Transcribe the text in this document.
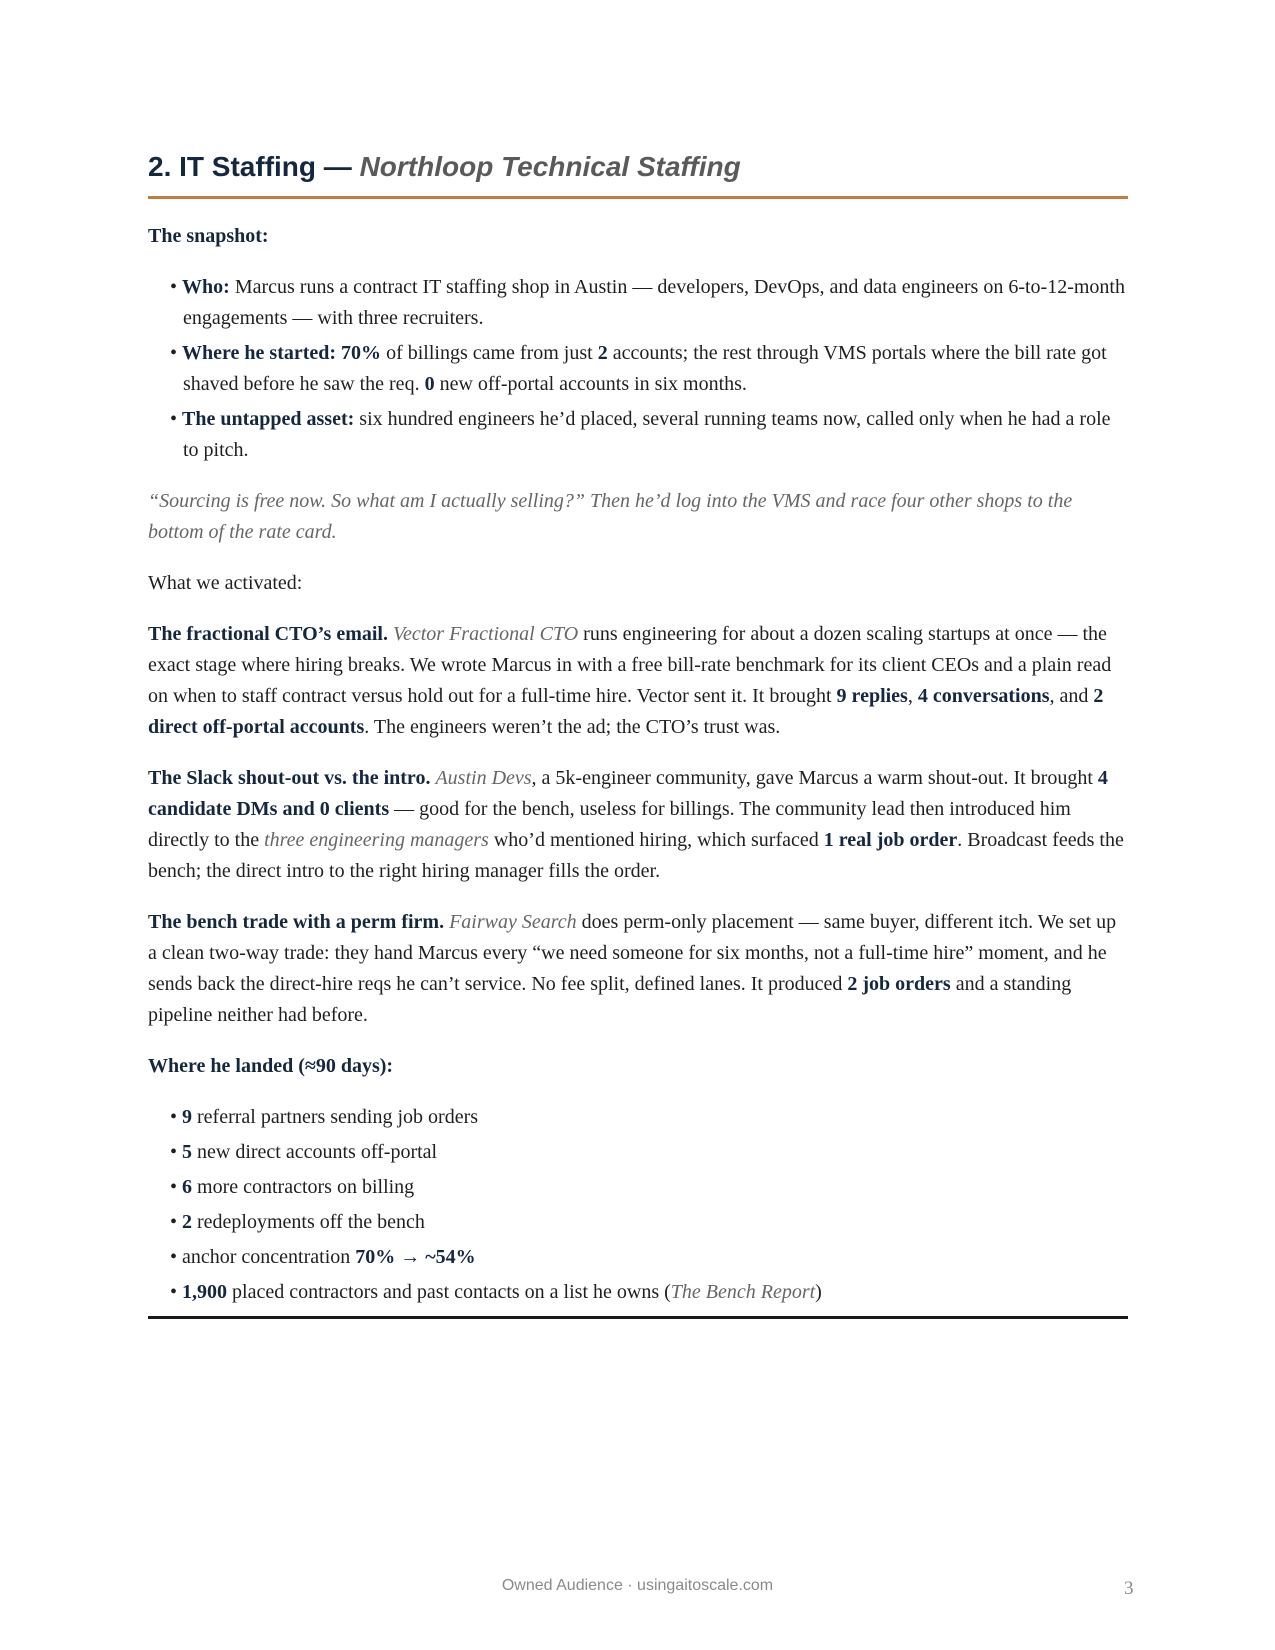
2. IT Staffing — Northloop Technical Staffing

The snapshot:

• Who: Marcus runs a contract IT staffing shop in Austin — developers, DevOps, and data engineers on 6-to-12-month engagements — with three recruiters.
• Where he started: 70% of billings came from just 2 accounts; the rest through VMS portals where the bill rate got shaved before he saw the req. 0 new off-portal accounts in six months.
• The untapped asset: six hundred engineers he’d placed, several running teams now, called only when he had a role to pitch.

“Sourcing is free now. So what am I actually selling?” Then he’d log into the VMS and race four other shops to the bottom of the rate card.

What we activated:

The fractional CTO’s email. Vector Fractional CTO runs engineering for about a dozen scaling startups at once — the exact stage where hiring breaks. We wrote Marcus in with a free bill-rate benchmark for its client CEOs and a plain read on when to staff contract versus hold out for a full-time hire. Vector sent it. It brought 9 replies, 4 conversations, and 2 direct off-portal accounts. The engineers weren’t the ad; the CTO’s trust was.

The Slack shout-out vs. the intro. Austin Devs, a 5k-engineer community, gave Marcus a warm shout-out. It brought 4 candidate DMs and 0 clients — good for the bench, useless for billings. The community lead then introduced him directly to the three engineering managers who’d mentioned hiring, which surfaced 1 real job order. Broadcast feeds the bench; the direct intro to the right hiring manager fills the order.

The bench trade with a perm firm. Fairway Search does perm-only placement — same buyer, different itch. We set up a clean two-way trade: they hand Marcus every “we need someone for six months, not a full-time hire” moment, and he sends back the direct-hire reqs he can’t service. No fee split, defined lanes. It produced 2 job orders and a standing pipeline neither had before.

Where he landed (≈90 days):

• 9 referral partners sending job orders
• 5 new direct accounts off-portal
• 6 more contractors on billing
• 2 redeployments off the bench
• anchor concentration 70% → ~54%
• 1,900 placed contractors and past contacts on a list he owns (The Bench Report)
Owned Audience · usingaitoscale.com	3
